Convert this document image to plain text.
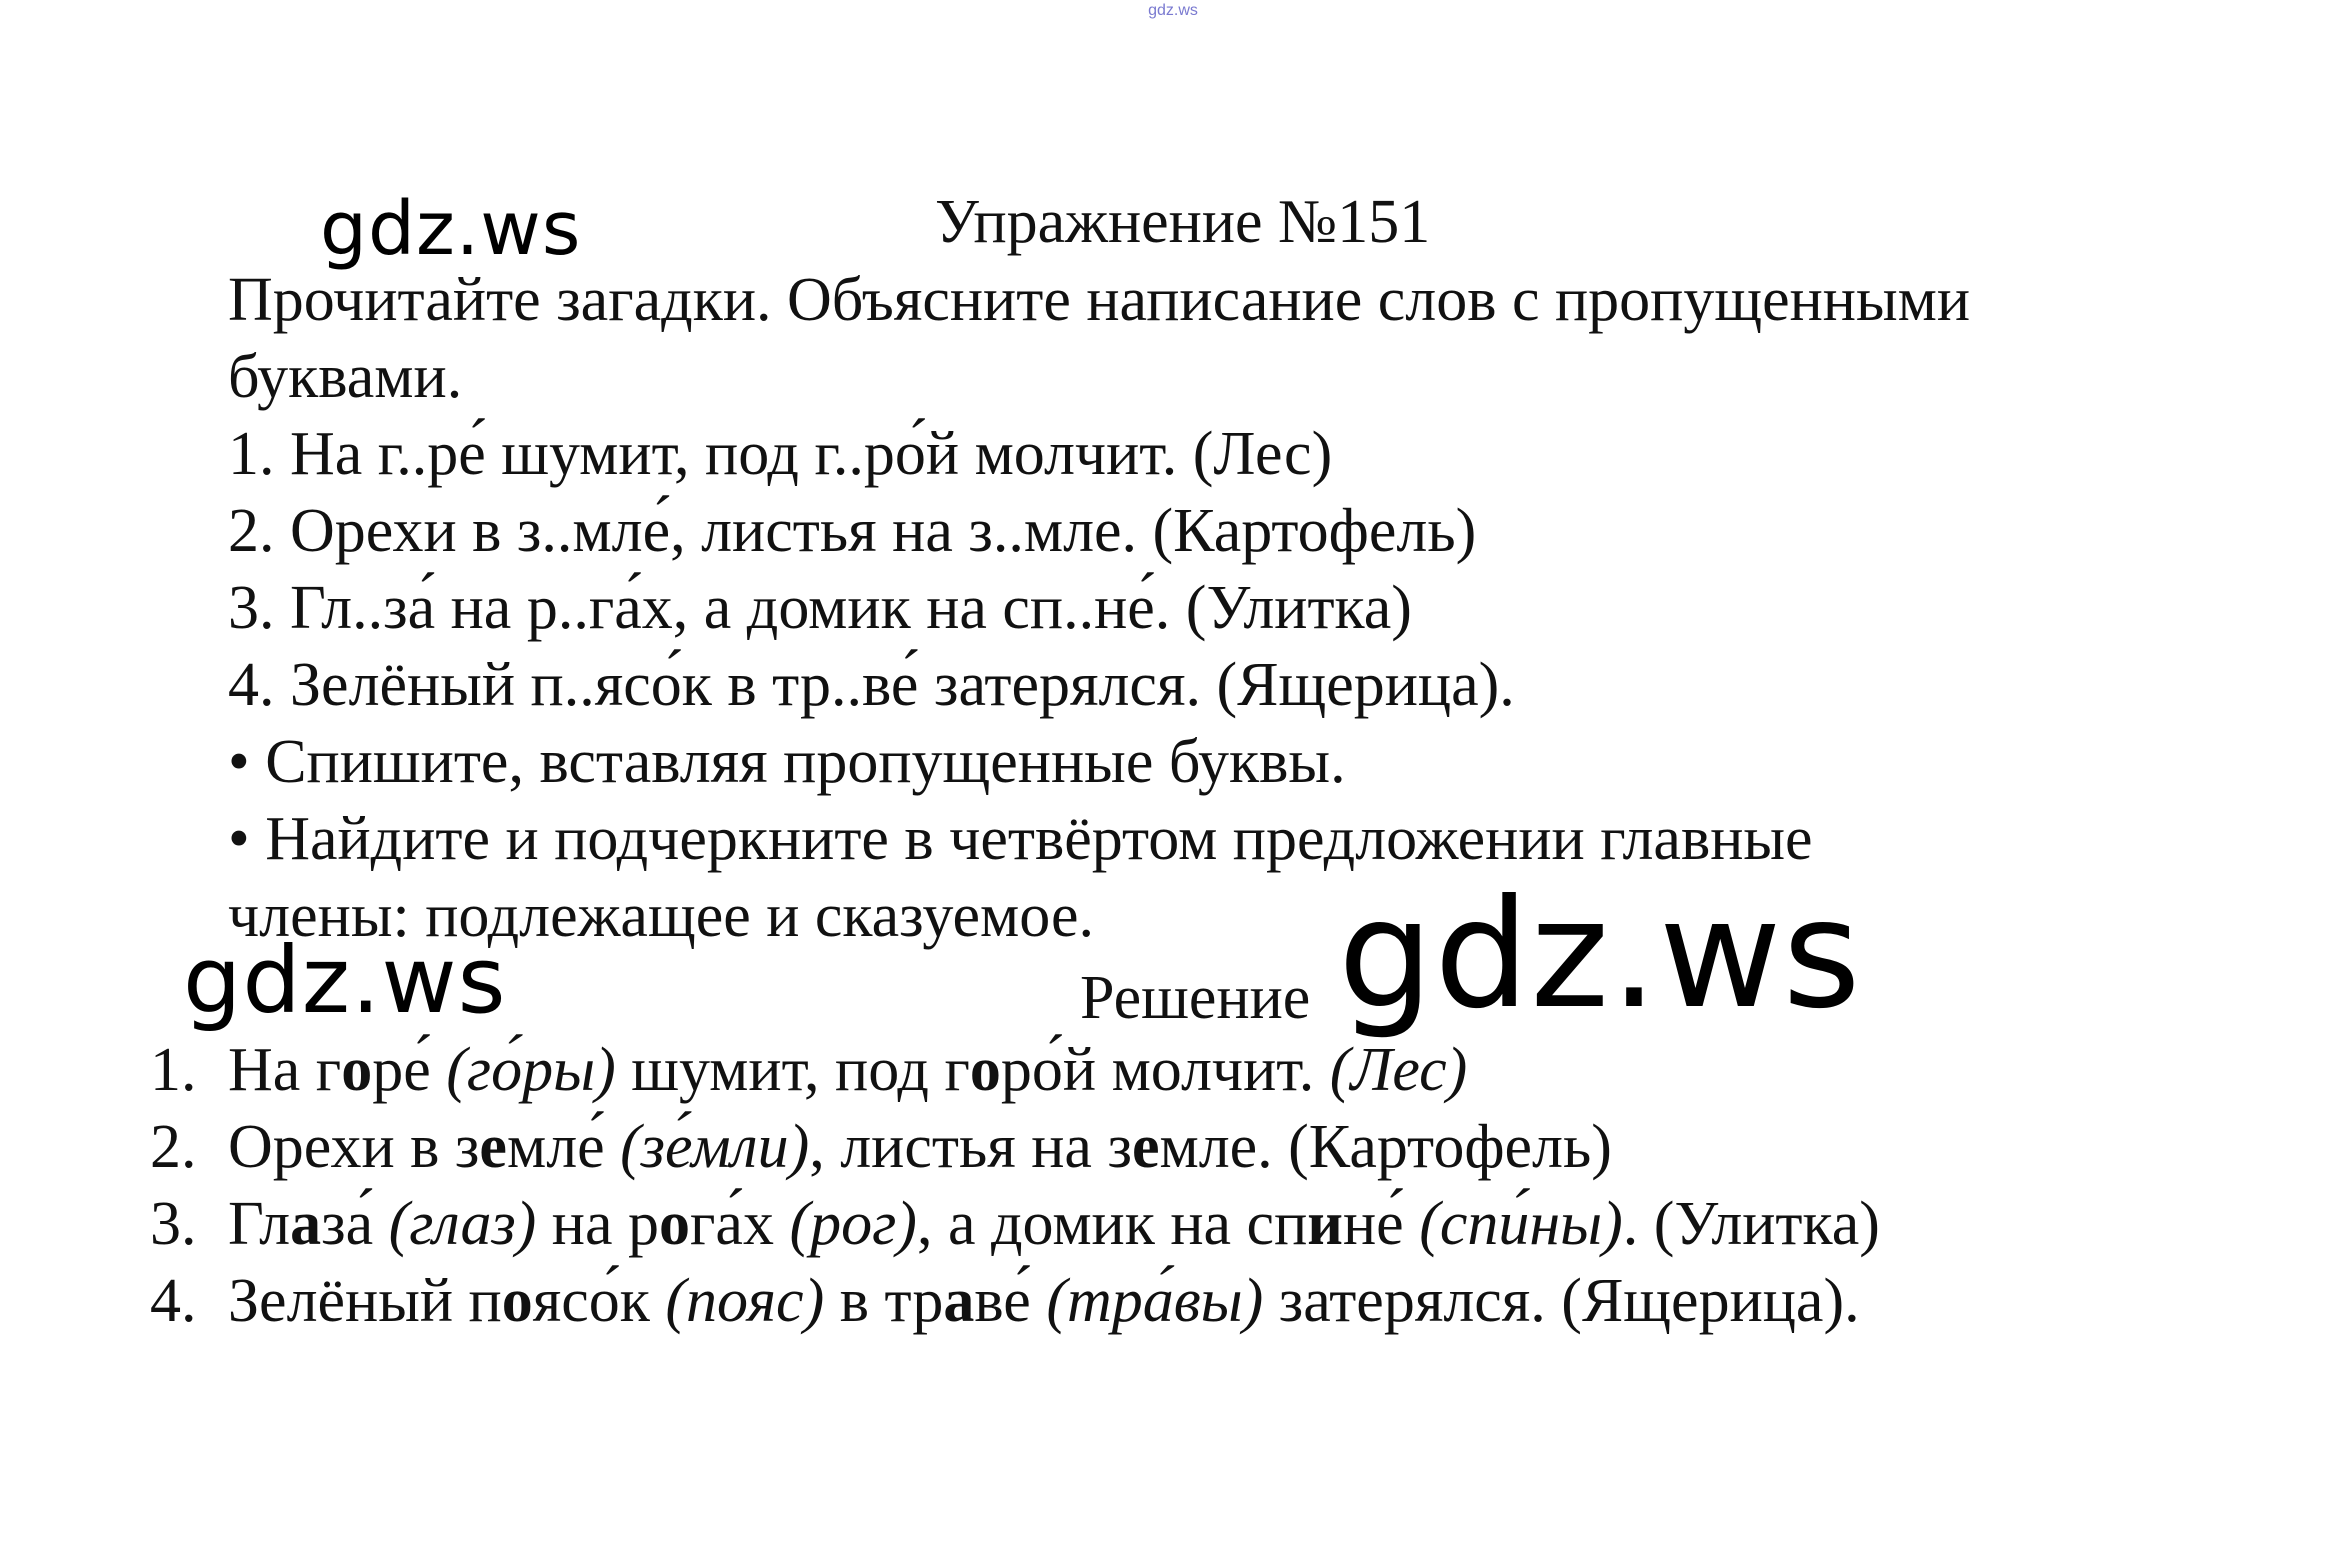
gdz.ws
gdz.ws
gdz.ws	gdz.ws
Упражнение №151

Прочитайте загадки. Объясните написание слов с пропущенными

буквами.

1. На г..ре́ шумит, под г..ро́й молчит. (Лес)

2. Орехи в з..мле́, листья на з..мле. (Картофель)

3. Гл..за́ на р..га́х, а домик на сп..не́. (Улитка)

4. Зелёный п..ясо́к в тр..ве́ затерялся. (Ящерица).

• Спишите, вставляя пропущенные буквы.

• Найдите и подчеркните в четвёртом предложении главные

члены: подлежащее и сказуемое.

Решение
1. На горе́ (го́ры) шумит, под горо́й молчит. (Лес)
2. Орехи в земле́ (зе́мли), листья на земле. (Картофель)
3. Глаза́ (глаз) на рога́х (рог), а домик на спине́ (спи́ны). (Улитка)
4. Зелёный поясо́к (пояс) в траве́ (тра́вы) затерялся. (Ящерица).
